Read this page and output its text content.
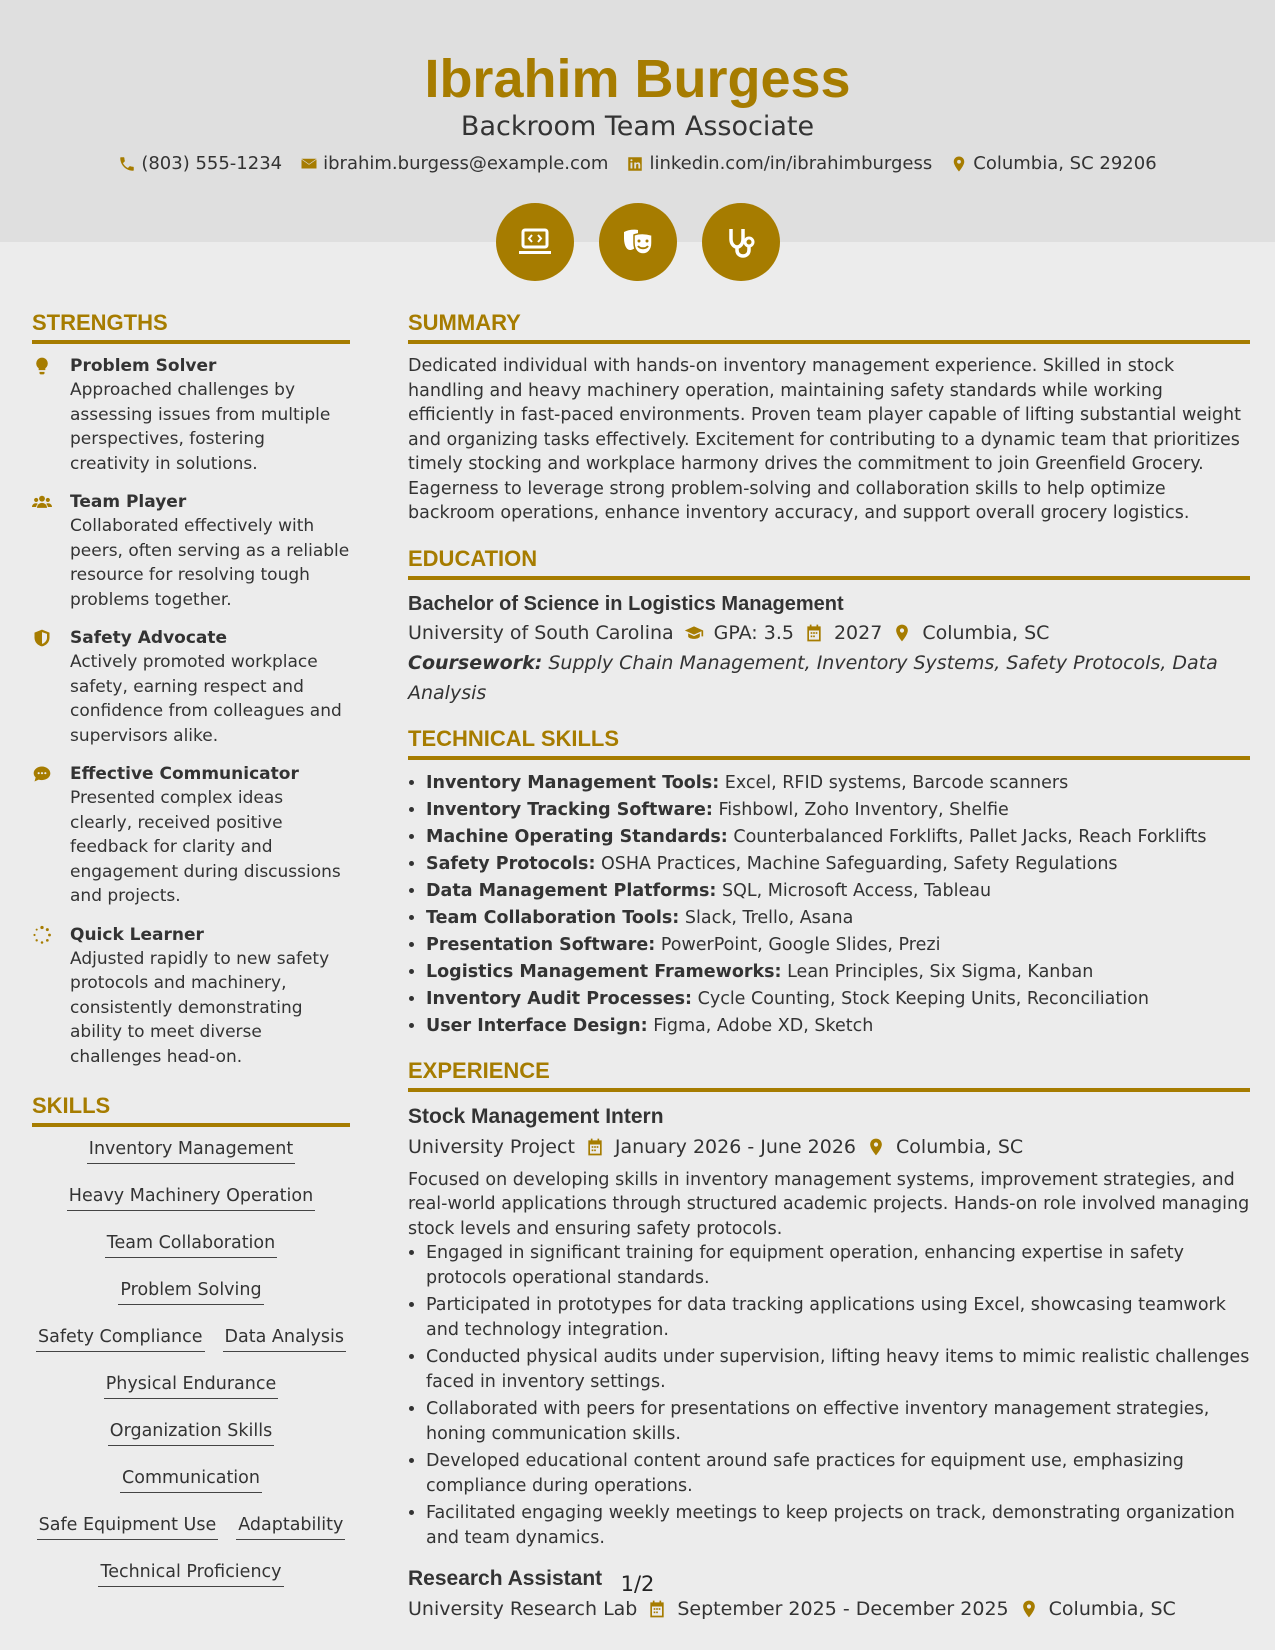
Ibrahim Burgess
Backroom Team Associate
(803) 555-1234 ibrahim.burgess@example.com linkedin.com/in/ibrahimburgess Columbia, SC 29206
STRENGTHS
Problem Solver
Approached challenges by assessing issues from multiple perspectives, fostering creativity in solutions.
Team Player
Collaborated effectively with peers, often serving as a reliable resource for resolving tough problems together.
Safety Advocate
Actively promoted workplace safety, earning respect and confidence from colleagues and supervisors alike.
Effective Communicator
Presented complex ideas clearly, received positive feedback for clarity and engagement during discussions and projects.
Quick Learner
Adjusted rapidly to new safety protocols and machinery, consistently demonstrating ability to meet diverse challenges head-on.
SKILLS
Inventory Management
Heavy Machinery Operation
Team Collaboration
Problem Solving
Safety Compliance Data Analysis
Physical Endurance
Organization Skills
Communication
Safe Equipment Use Adaptability
Technical Proficiency
SUMMARY
Dedicated individual with hands-on inventory management experience. Skilled in stock handling and heavy machinery operation, maintaining safety standards while working efficiently in fast-paced environments. Proven team player capable of lifting substantial weight and organizing tasks effectively. Excitement for contributing to a dynamic team that prioritizes timely stocking and workplace harmony drives the commitment to join Greenfield Grocery. Eagerness to leverage strong problem-solving and collaboration skills to help optimize backroom operations, enhance inventory accuracy, and support overall grocery logistics.
EDUCATION
Bachelor of Science in Logistics Management
University of South Carolina GPA: 3.5 2027 Columbia, SC
Coursework: Supply Chain Management, Inventory Systems, Safety Protocols, Data Analysis
TECHNICAL SKILLS
• Inventory Management Tools: Excel, RFID systems, Barcode scanners
• Inventory Tracking Software: Fishbowl, Zoho Inventory, Shelfie
• Machine Operating Standards: Counterbalanced Forklifts, Pallet Jacks, Reach Forklifts
• Safety Protocols: OSHA Practices, Machine Safeguarding, Safety Regulations
• Data Management Platforms: SQL, Microsoft Access, Tableau
• Team Collaboration Tools: Slack, Trello, Asana
• Presentation Software: PowerPoint, Google Slides, Prezi
• Logistics Management Frameworks: Lean Principles, Six Sigma, Kanban
• Inventory Audit Processes: Cycle Counting, Stock Keeping Units, Reconciliation
• User Interface Design: Figma, Adobe XD, Sketch
EXPERIENCE
Stock Management Intern
University Project January 2026 - June 2026 Columbia, SC
Focused on developing skills in inventory management systems, improvement strategies, and real-world applications through structured academic projects. Hands-on role involved managing stock levels and ensuring safety protocols.
• Engaged in significant training for equipment operation, enhancing expertise in safety protocols operational standards.
• Participated in prototypes for data tracking applications using Excel, showcasing teamwork and technology integration.
• Conducted physical audits under supervision, lifting heavy items to mimic realistic challenges faced in inventory settings.
• Collaborated with peers for presentations on effective inventory management strategies, honing communication skills.
• Developed educational content around safe practices for equipment use, emphasizing compliance during operations.
• Facilitated engaging weekly meetings to keep projects on track, demonstrating organization and team dynamics.
Research Assistant
University Research Lab September 2025 - December 2025 Columbia, SC
1/2
